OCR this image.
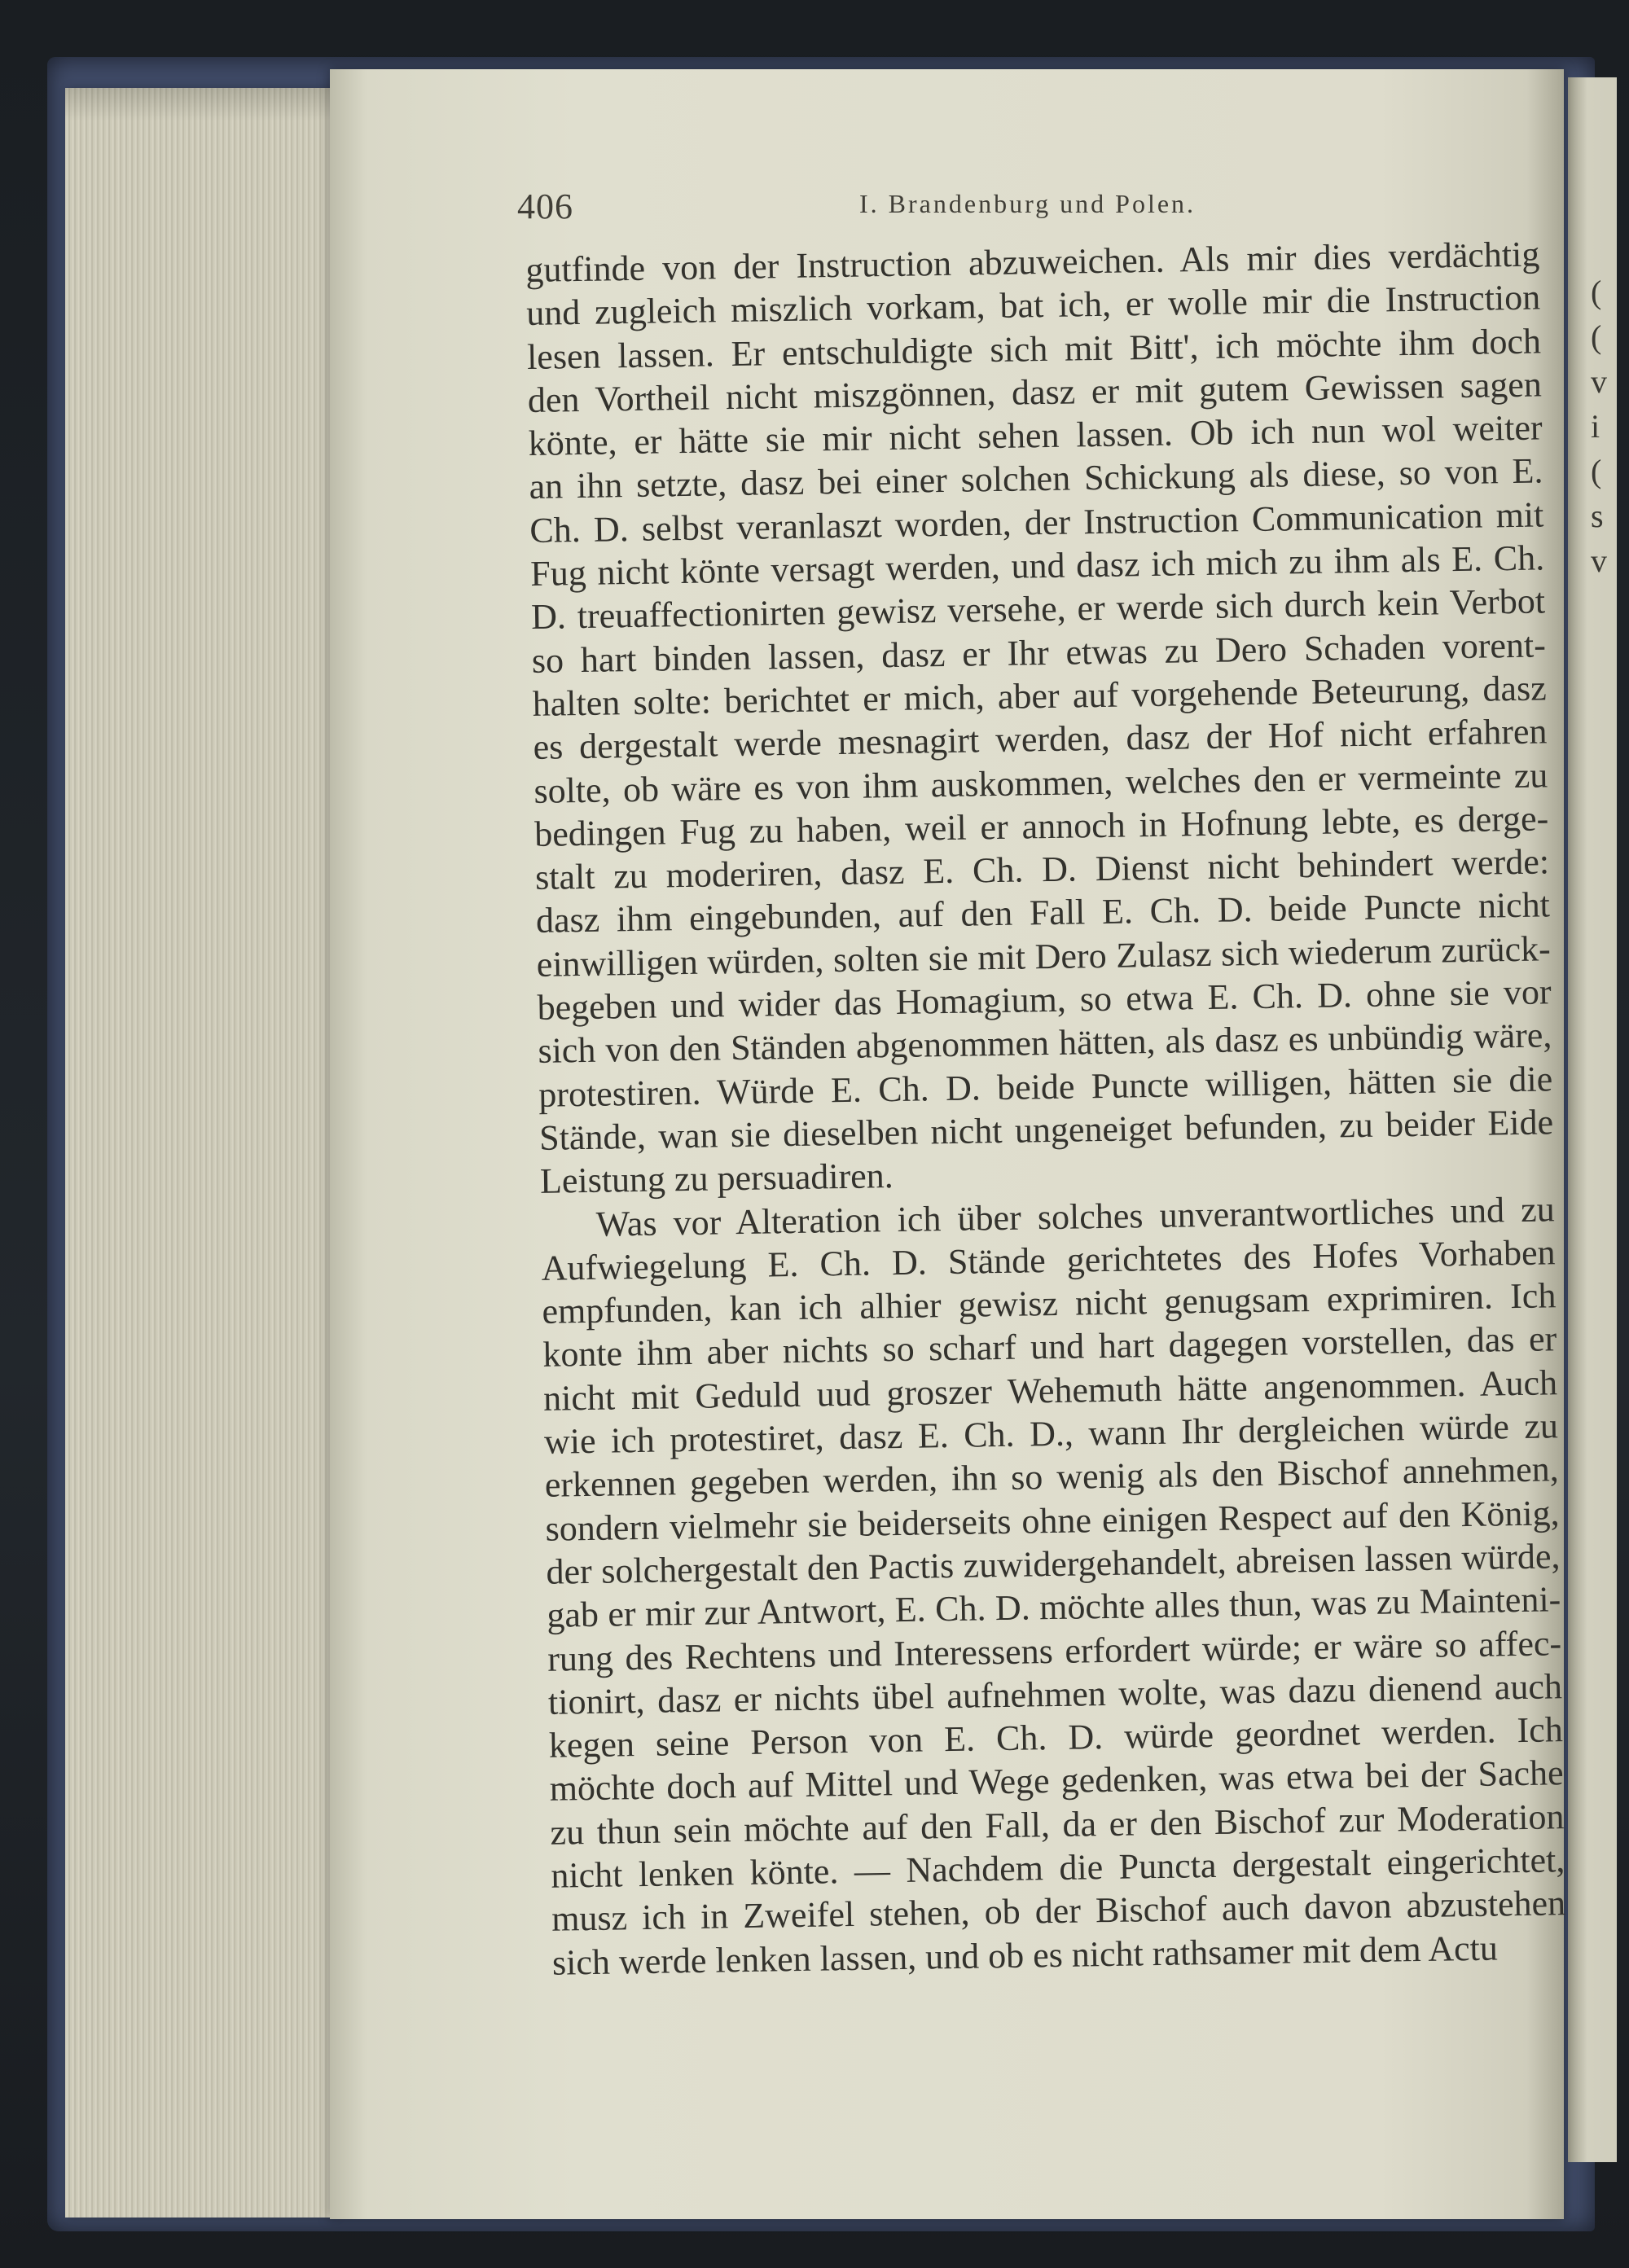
(
(
v
i
(
s
v
406	I. Brandenburg und Polen.
gutfinde von der Instruction abzuweichen. Als mir dies verdächtig
und zugleich miszlich vorkam, bat ich, er wolle mir die Instruction
lesen lassen. Er entschuldigte sich mit Bitt', ich möchte ihm doch
den Vortheil nicht miszgönnen, dasz er mit gutem Gewissen sagen
könte, er hätte sie mir nicht sehen lassen. Ob ich nun wol weiter
an ihn setzte, dasz bei einer solchen Schickung als diese, so von E.
Ch. D. selbst veranlaszt worden, der Instruction Communication mit
Fug nicht könte versagt werden, und dasz ich mich zu ihm als E. Ch.
D. treuaffectionirten gewisz versehe, er werde sich durch kein Verbot
so hart binden lassen, dasz er Ihr etwas zu Dero Schaden vorent-
halten solte: berichtet er mich, aber auf vorgehende Beteurung, dasz
es dergestalt werde mesnagirt werden, dasz der Hof nicht erfahren
solte, ob wäre es von ihm auskommen, welches den er vermeinte zu
bedingen Fug zu haben, weil er annoch in Hofnung lebte, es derge-
stalt zu moderiren, dasz E. Ch. D. Dienst nicht behindert werde:
dasz ihm eingebunden, auf den Fall E. Ch. D. beide Puncte nicht
einwilligen würden, solten sie mit Dero Zulasz sich wiederum zurück-
begeben und wider das Homagium, so etwa E. Ch. D. ohne sie vor
sich von den Ständen abgenommen hätten, als dasz es unbündig wäre,
protestiren. Würde E. Ch. D. beide Puncte willigen, hätten sie die
Stände, wan sie dieselben nicht ungeneiget befunden, zu beider Eide
Leistung zu persuadiren.
Was vor Alteration ich über solches unverantwortliches und zu
Aufwiegelung E. Ch. D. Stände gerichtetes des Hofes Vorhaben
empfunden, kan ich alhier gewisz nicht genugsam exprimiren. Ich
konte ihm aber nichts so scharf und hart dagegen vorstellen, das er
nicht mit Geduld uud groszer Wehemuth hätte angenommen. Auch
wie ich protestiret, dasz E. Ch. D., wann Ihr dergleichen würde zu
erkennen gegeben werden, ihn so wenig als den Bischof annehmen,
sondern vielmehr sie beiderseits ohne einigen Respect auf den König,
der solchergestalt den Pactis zuwidergehandelt, abreisen lassen würde,
gab er mir zur Antwort, E. Ch. D. möchte alles thun, was zu Mainteni-
rung des Rechtens und Interessens erfordert würde; er wäre so affec-
tionirt, dasz er nichts übel aufnehmen wolte, was dazu dienend auch
kegen seine Person von E. Ch. D. würde geordnet werden. Ich
möchte doch auf Mittel und Wege gedenken, was etwa bei der Sache
zu thun sein möchte auf den Fall, da er den Bischof zur Moderation
nicht lenken könte. — Nachdem die Puncta dergestalt eingerichtet,
musz ich in Zweifel stehen, ob der Bischof auch davon abzustehen
sich werde lenken lassen, und ob es nicht rathsamer mit dem Actu
